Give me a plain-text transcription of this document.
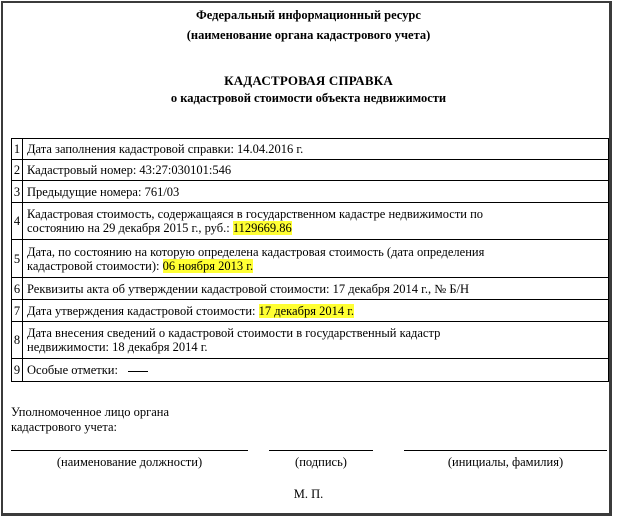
Федеральный информационный ресурс
(наименование органа кадастрового учета)
КАДАСТРОВАЯ СПРАВКА
о кадастровой стоимости объекта недвижимости
1	Дата заполнения кадастровой справки: 14.04.2016 г.
2	Кадастровый номер: 43:27:030101:546
3	Предыдущие номера: 761/03
4	Кадастровая стоимость, содержащаяся в государственном кадастре недвижимости по
состоянию на 29 декабря 2015 г., руб.: 1129669.86
5	Дата, по состоянию на которую определена кадастровая стоимость (дата определения
кадастровой стоимости): 06 ноября 2013 г.
6	Реквизиты акта об утверждении кадастровой стоимости: 17 декабря 2014 г., № Б/Н
7	Дата утверждения кадастровой стоимости: 17 декабря 2014 г.
8	Дата внесения сведений о кадастровой стоимости в государственный кадастр
недвижимости: 18 декабря 2014 г.
9	Особые отметки:
Уполномоченное лицо органа
кадастрового учета:
(наименование должности)	(подпись)	(инициалы, фамилия)
М. П.
